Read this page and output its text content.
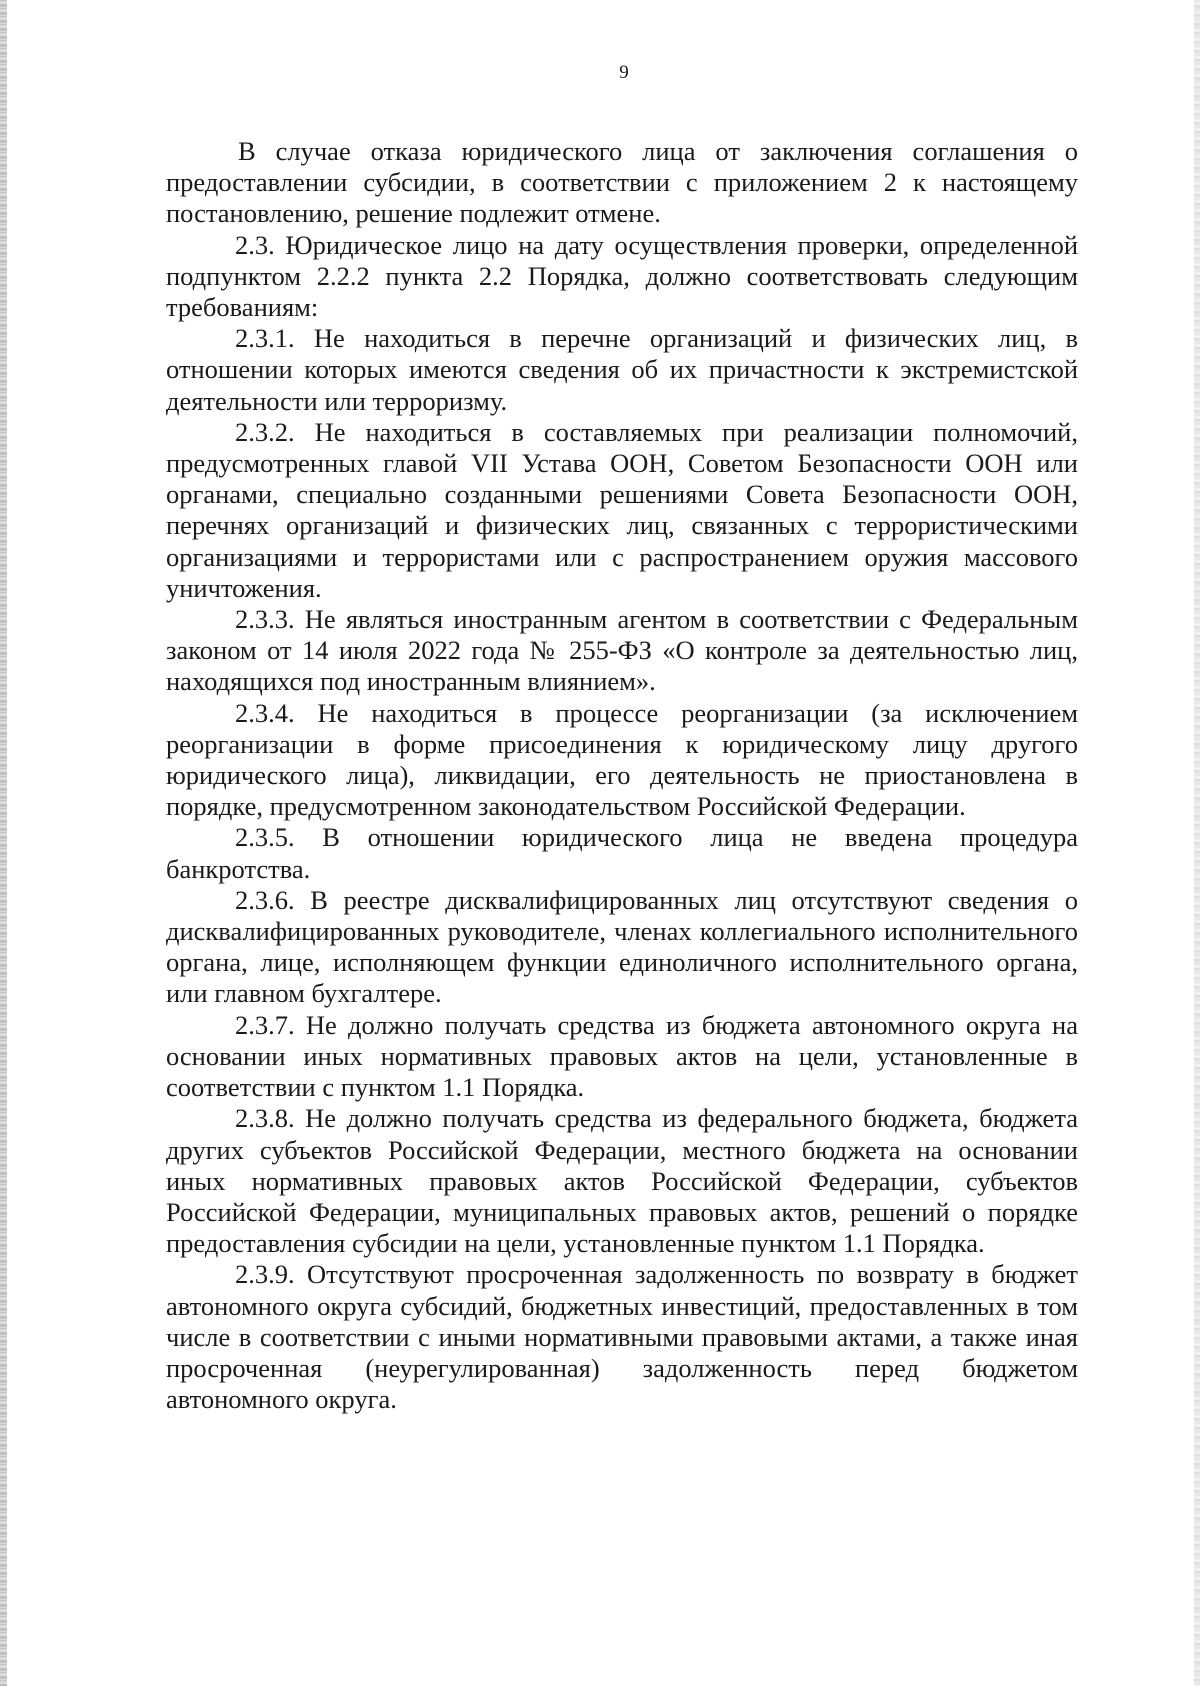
9

В случае отказа юридического лица от заключения соглашения о предоставлении субсидии, в соответствии с приложением 2 к настоящему постановлению, решение подлежит отмене.

2.3. Юридическое лицо на дату осуществления проверки, определенной подпунктом 2.2.2 пункта 2.2 Порядка, должно соответствовать следующим требованиям:

2.3.1. Не находиться в перечне организаций и физических лиц, в отношении которых имеются сведения об их причастности к экстремистской деятельности или терроризму.

2.3.2. Не находиться в составляемых при реализации полномочий, предусмотренных главой VII Устава ООН, Советом Безопасности ООН или органами, специально созданными решениями Совета Безопасности ООН, перечнях организаций и физических лиц, связанных с террористическими организациями и террористами или с распространением оружия массового уничтожения.

2.3.3. Не являться иностранным агентом в соответствии с Федеральным законом от 14 июля 2022 года № 255-ФЗ «О контроле за деятельностью лиц, находящихся под иностранным влиянием».

2.3.4. Не находиться в процессе реорганизации (за исключением реорганизации в форме присоединения к юридическому лицу другого юридического лица), ликвидации, его деятельность не приостановлена в порядке, предусмотренном законодательством Российской Федерации.

2.3.5. В отношении юридического лица не введена процедура банкротства.

2.3.6. В реестре дисквалифицированных лиц отсутствуют сведения о дисквалифицированных руководителе, членах коллегиального исполнительного органа, лице, исполняющем функции единоличного исполнительного органа, или главном бухгалтере.

2.3.7. Не должно получать средства из бюджета автономного округа на основании иных нормативных правовых актов на цели, установленные в соответствии с пунктом 1.1 Порядка.

2.3.8. Не должно получать средства из федерального бюджета, бюджета других субъектов Российской Федерации, местного бюджета на основании иных нормативных правовых актов Российской Федерации, субъектов Российской Федерации, муниципальных правовых актов, решений о порядке предоставления субсидии на цели, установленные пунктом 1.1 Порядка.

2.3.9. Отсутствуют просроченная задолженность по возврату в бюджет автономного округа субсидий, бюджетных инвестиций, предоставленных в том числе в соответствии с иными нормативными правовыми актами, а также иная просроченная (неурегулированная) задолженность перед бюджетом автономного округа.
